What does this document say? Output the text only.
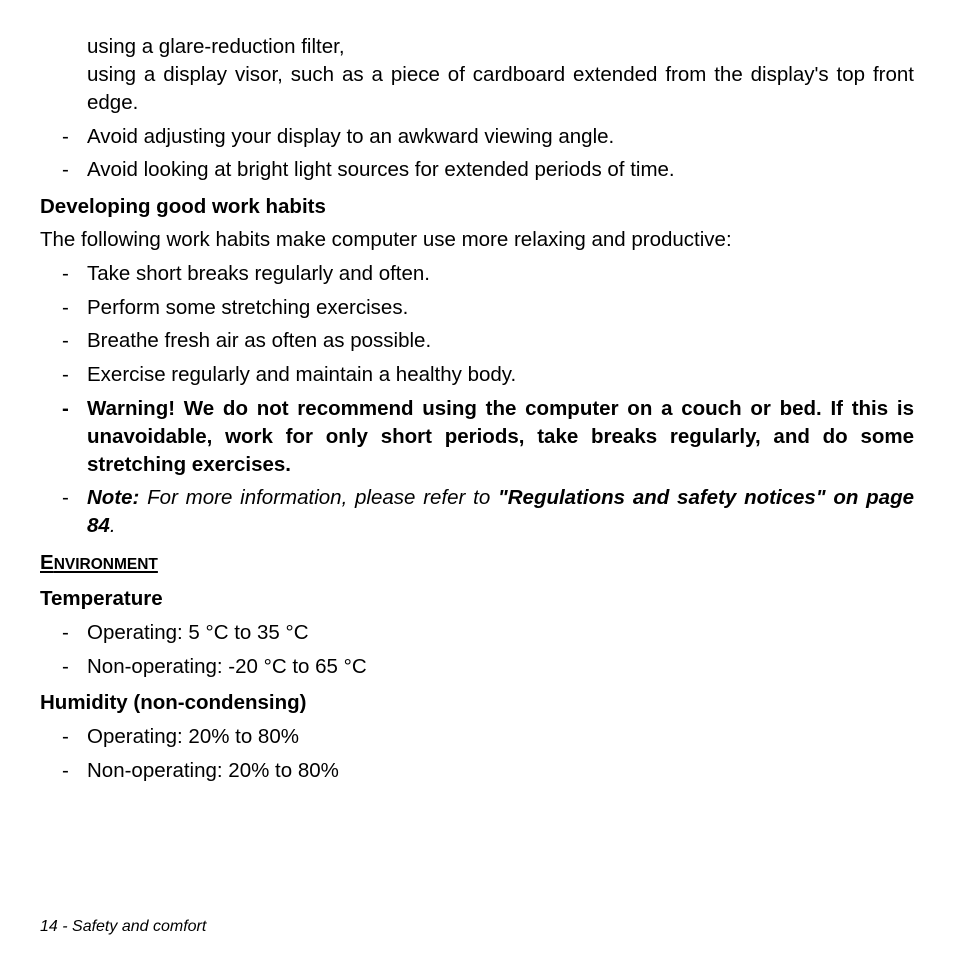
using a glare-reduction filter,
using a display visor, such as a piece of cardboard extended from the display's top front edge.
- Avoid adjusting your display to an awkward viewing angle.
- Avoid looking at bright light sources for extended periods of time.
Developing good work habits
The following work habits make computer use more relaxing and productive:
- Take short breaks regularly and often.
- Perform some stretching exercises.
- Breathe fresh air as often as possible.
- Exercise regularly and maintain a healthy body.
- Warning! We do not recommend using the computer on a couch or bed. If this is unavoidable, work for only short periods, take breaks regularly, and do some stretching exercises.
- Note: For more information, please refer to "Regulations and safety notices" on page 84.
ENVIRONMENT
Temperature
- Operating: 5 °C to 35 °C
- Non-operating: -20 °C to 65 °C
Humidity (non-condensing)
- Operating: 20% to 80%
- Non-operating: 20% to 80%
14 - Safety and comfort
